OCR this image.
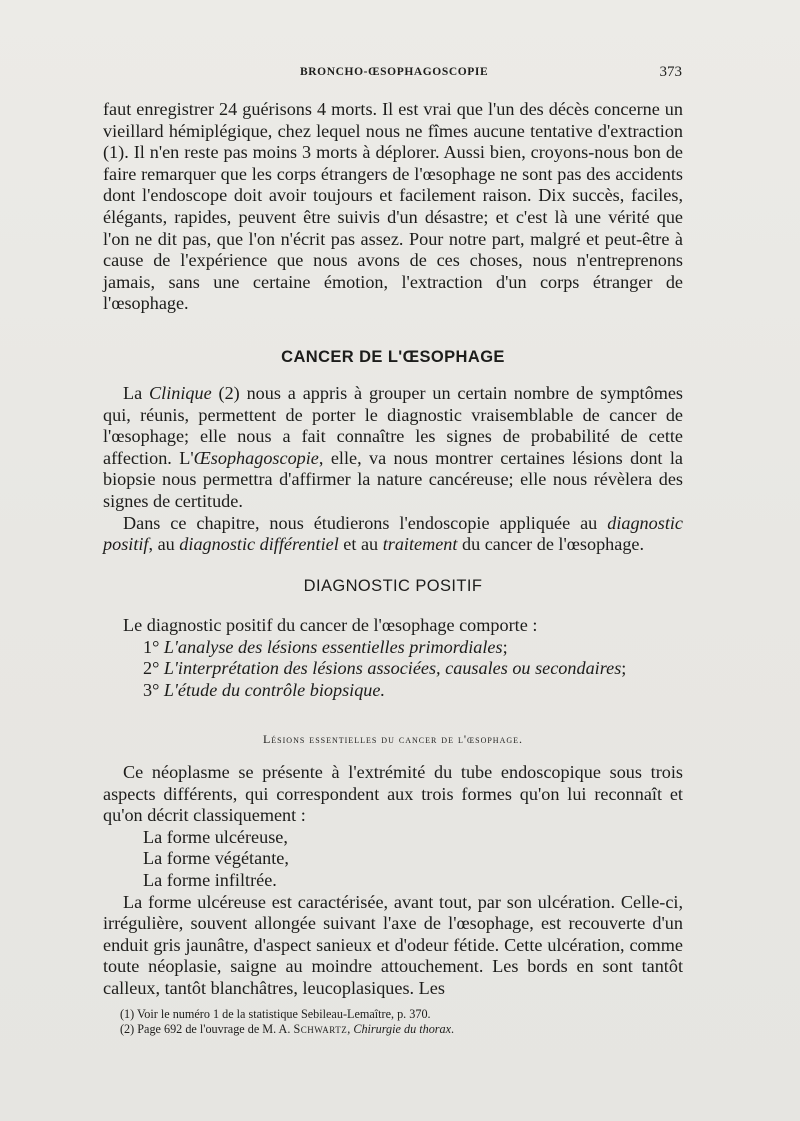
BRONCHO-ŒSOPHAGOSCOPIE	373

faut enregistrer 24 guérisons 4 morts. Il est vrai que l'un des décès concerne un vieillard hémiplégique, chez lequel nous ne fîmes aucune tentative d'extraction (1). Il n'en reste pas moins 3 morts à déplorer. Aussi bien, croyons-nous bon de faire remarquer que les corps étrangers de l'œsophage ne sont pas des accidents dont l'endoscope doit avoir toujours et facilement raison. Dix succès, faciles, élégants, rapides, peuvent être suivis d'un désastre; et c'est là une vérité que l'on ne dit pas, que l'on n'écrit pas assez. Pour notre part, malgré et peut-être à cause de l'expérience que nous avons de ces choses, nous n'entreprenons jamais, sans une certaine émotion, l'extraction d'un corps étranger de l'œsophage.

CANCER DE L'ŒSOPHAGE

La Clinique (2) nous a appris à grouper un certain nombre de symptômes qui, réunis, permettent de porter le diagnostic vraisemblable de cancer de l'œsophage; elle nous a fait connaître les signes de probabilité de cette affection. L'Œsophagoscopie, elle, va nous montrer certaines lésions dont la biopsie nous permettra d'affirmer la nature cancéreuse; elle nous révèlera des signes de certitude.

Dans ce chapitre, nous étudierons l'endoscopie appliquée au diagnostic positif, au diagnostic différentiel et au traitement du cancer de l'œsophage.

DIAGNOSTIC POSITIF

Le diagnostic positif du cancer de l'œsophage comporte :

1° L'analyse des lésions essentielles primordiales;

2° L'interprétation des lésions associées, causales ou secondaires;

3° L'étude du contrôle biopsique.

Lésions essentielles du cancer de l'œsophage.

Ce néoplasme se présente à l'extrémité du tube endoscopique sous trois aspects différents, qui correspondent aux trois formes qu'on lui reconnaît et qu'on décrit classiquement :

La forme ulcéreuse,

La forme végétante,

La forme infiltrée.

La forme ulcéreuse est caractérisée, avant tout, par son ulcération. Celle-ci, irrégulière, souvent allongée suivant l'axe de l'œsophage, est recouverte d'un enduit gris jaunâtre, d'aspect sanieux et d'odeur fétide. Cette ulcération, comme toute néoplasie, saigne au moindre attouchement. Les bords en sont tantôt calleux, tantôt blanchâtres, leucoplasiques. Les

(1) Voir le numéro 1 de la statistique Sebileau-Lemaître, p. 370.
(2) Page 692 de l'ouvrage de M. A. Schwartz, Chirurgie du thorax.
